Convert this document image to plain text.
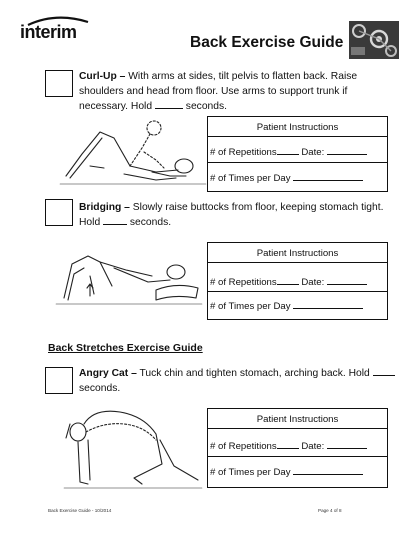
interim
Back Exercise Guide
Curl-Up – With arms at sides, tilt pelvis to flatten back. Raise
shoulders and head from floor. Use arms to support trunk if
necessary. Hold	seconds.
Patient Instructions
# of Repetitions Date:
# of Times per Day
Bridging – Slowly raise buttocks from floor, keeping stomach tight.
Hold  seconds.
Patient Instructions
# of Repetitions Date:
# of Times per Day
Back Stretches Exercise Guide
Angry Cat – Tuck chin and tighten stomach, arching back. Hold
seconds.
Patient Instructions
# of Repetitions Date:
# of Times per Day
Back Exercise Guide - 10/2014	Page 4 of 8
